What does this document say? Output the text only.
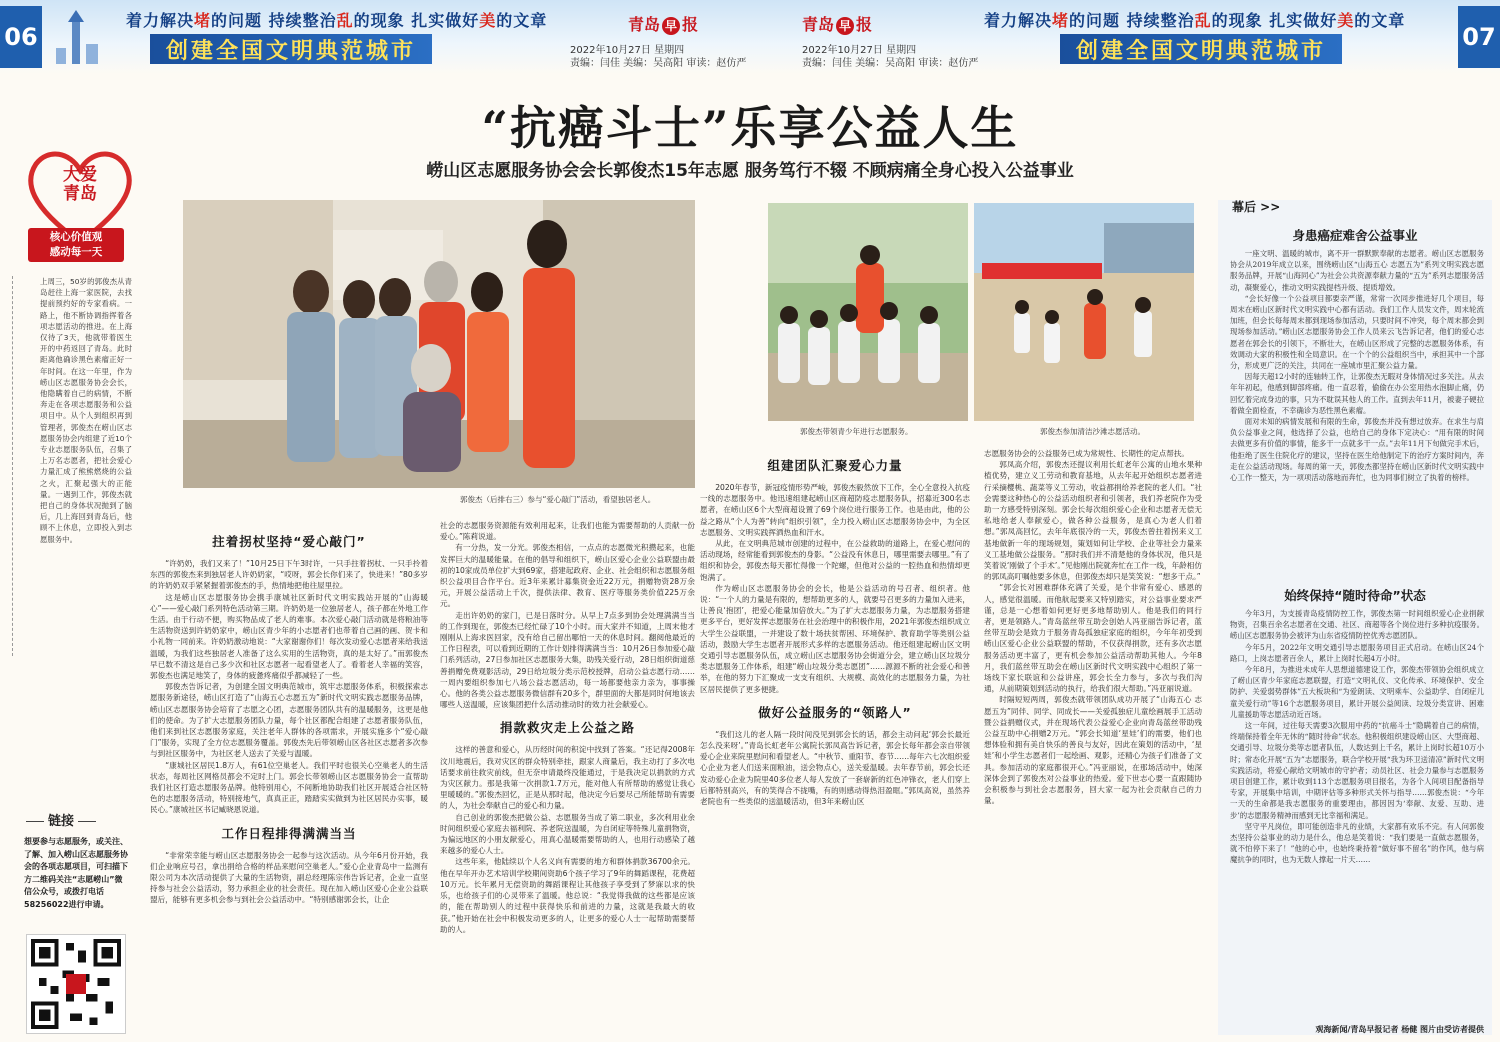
06
着力解决堵的问题 持续整治乱的现象 扎实做好美的文章
创建全国文明典范城市
青岛 早 报
2022年10月27日 星期四
责编：闫佳 美编：吴高阳 审读：赵仿严
青岛 早 报
2022年10月27日 星期四
责编：闫佳 美编：吴高阳 审读：赵仿严
着力解决堵的问题 持续整治乱的现象 扎实做好美的文章
创建全国文明典范城市	07
“抗癌斗士”乐享公益人生
崂山区志愿服务协会会长郭俊杰15年志愿 服务笃行不辍 不顾病痛全身心投入公益事业
大爱
青岛
核心价值观
感动每一天
上周三，50岁的郭俊杰从青岛赶往上海一家医院，去找提前预约好的专家看病。一路上，他不断协调指挥着各项志愿活动的推进。在上海仅待了3天，他就带着医生开的中药返回了青岛。此时距离他确诊黑色素瘤正好一年时间。在这一年里，作为崂山区志愿服务协会会长，他隐瞒着自己的病情，不断奔走在各项志愿服务和公益项目中。从个人到组织再到管理者，郭俊杰在崂山区志愿服务协会内组建了近10个专业志愿服务队伍，召集了上万名志愿者，把社会爱心力量汇成了熊熊燃烧的公益之火，汇聚起强大的正能量。一遇到工作，郭俊杰就把自己的身体状况抛到了脑后，几上海回到青岛后，他顾不上休息，立即投入到志愿服务中。
链接
想要参与志愿服务，或关注、了解、加入崂山区志愿服务协会的各项志愿项目，可扫描下方二维码关注“志愿崂山”微信公众号，或拨打电话58256022进行申请。
郭俊杰（后排右三）参与“爱心敲门”活动，看望独居老人。
郭俊杰带领青少年进行志愿服务。	郭俊杰参加清洁沙滩志愿活动。
拄着拐杖坚持“爱心敲门”

“许奶奶，我们又来了！”10月25日下午3时许，一只手拄着拐杖、一只手拎着东西的郭俊杰来到独居老人许奶奶家，“哎呀，郭会长你们来了，快进来！”80多岁的许奶奶双手紧紧握着郭俊杰的手，热情地把他往屋里拉。

这是崂山区志愿服务协会携手康城社区新时代文明实践站开展的“山海暖心”——爱心敲门系列特色活动第三期。许奶奶是一位独居老人，孩子都在外地工作生活。由于行动不便，购买物品成了老人的难事。本次爱心敲门活动就是将粮油等生活物资送到许奶奶家中，崂山区青少年的小志愿者们也带着自己画的画、贺卡和小礼物一同前来。许奶奶激动地说：“大家谢谢你们！每次发动爱心志愿者来给我送温暖，为我们这些独居老人准备了这么实用的生活物资，真的是太好了。”而郭俊杰早已数不清这是自己多少次和社区志愿者一起看望老人了。看着老人幸福的笑容，郭俊杰也满足地笑了，身体的疲惫疼痛似乎都减轻了一些。

郭俊杰告诉记者，为创建全国文明典范城市，筑牢志愿服务体系，积极探索志愿服务新途径，崂山区打造了“山海五心志愿五为”新时代文明实践志愿服务品牌，崂山区志愿服务协会培育了志愿之心团，志愿服务团队共有的温暖服务，这更是他们的使命。为了扩大志愿服务团队力量，每个社区都配合组建了志愿者服务队伍，他们来到社区志愿服务家庭，关注老年人群体的各项需求，开展实施多个“爱心敲门”服务，实现了全方位志愿服务覆盖。郭俊杰先后带领崂山区各社区志愿者多次参与到社区服务中，为社区老人送去了关爱与温暖。

“康城社区居民1.8万人，有61位空巢老人。我们平时也很关心空巢老人的生活状态，每周社区网格员都会不定时上门。郭会长带领崂山区志愿服务协会一直帮助我们社区打造志愿服务品牌。他特别用心，不间断地协助我们社区开展适合社区特色的志愿服务活动，特别接地气，真真正正，踏踏实实做到为社区居民办实事，暖民心。”康城社区书记臧晓恩说道。

工作日程排得满满当当

“非常荣幸能与崂山区志愿服务协会一起参与这次活动。从今年6月份开始，我们企业响应号召，拿出捐给合格的样品来慰问空巢老人。”爱心企业青岛中一监测有限公司为本次活动提供了大量的生活物资，副总经理陈宗伟告诉记者，企业一直坚持参与社会公益活动，努力承担企业的社会责任。现在加入崂山区爱心企业公益联盟后，能够有更多机会参与到社会公益活动中。“特别感谢郭会长，让企

社会的志愿服务资源能有效利用起来，让我们也能为需要帮助的人贡献一份爱心。”陈莉说道。

有一分热，发一分光。郭俊杰相信，一点点的志愿微光积攒起来，也能发挥巨大的温暖能量。在他的倡导和组织下，崂山区爱心企业公益联盟由最初的10家成员单位扩大到69家，搭建起政府、企业、社会组织和志愿服务组织公益项目合作平台。近3年来累计募集资金近22万元，捐赠物资28万余元，开展公益活动上千次，提供法律、教育、医疗等服务类价值225万余元。

走出许奶奶的家门，已是日落时分。从早上7点多到协会处理满满当当的工作到现在，郭俊杰已经忙碌了10个小时。而大家并不知道，上周末他才刚刚从上海求医回家，没有给自己留出哪怕一天的休息时间。翻阅他最近的工作日程表，可以看到近期的工作计划排得满满当当：10月26日参加爱心敲门系列活动，27日参加社区志愿服务大集，助残关爱行动，28日组织街道慈善捐赠免费观影活动，29日给垃圾分类示范校授牌，启动公益志愿行动……一周内要组织参加七八场公益志愿活动，每一场都要他亲力亲为，事事操心。他的各类公益志愿服务微信群有20多个，群里面的大都是同时何地该去哪些人送温暖，应该集团把什么活动推动时的效力社会献爱心。

捐款救灾走上公益之路

这样的善意和爱心，从历经时间的积淀中找到了答案。“还记得2008年汶川地震后，我对灾区的群众特别牵挂，跟家人商量后，我主动打了多次电话要求前往救灾前线，但无奈申请最终没能通过，于是我决定以捐款的方式为灾区献力。那是我第一次捐款1.7万元，能对他人有所帮助的感觉让我心里暖暖的。”郭俊杰回忆，正是从那时起，他决定今后要尽己所能帮助有需要的人，为社会奉献自己的爱心和力量。

自己创业的郭俊杰把做公益、志愿服务当成了第二职业，多次利用业余时间组织爱心家庭去福利院、养老院送温暖，为自闭症等特殊儿童捐物资，为偏远地区的小朋友献爱心，用真心温暖需要帮助的人，也用行动感染了越来越多的爱心人士。

这些年来，他陆续以个人名义向有需要的地方和群体捐款36700余元。他在早年开办艺术培训学校期间资助6个孩子学习了9年的舞蹈课程，花费超10万元。长年累月无偿资助的舞蹈课程让其他孩子享受到了梦寐以求的快乐，也给孩子们的心灵带来了温暖。他总说：“我觉得我做的这些都是应该的，能在帮助别人的过程中获得快乐和前进的力量，这就是我最大的收获。”他开始在社会中积极发动更多的人，让更多的爱心人士一起帮助需要帮助的人。

组建团队汇聚爱心力量

2020年春节，新冠疫情形势严峻，郭俊杰毅然放下工作，全心全意投入抗疫一线的志愿服务中。他迅速组建起崂山区商超防疫志愿服务队，招募近300名志愿者，在崂山区6个大型商超设置了69个岗位进行服务工作。也是由此，他的公益之路从“个人为善”转向“组织引领”，全力投入崂山区志愿服务协会中，为全区志愿服务、文明实践挥洒热血和汗水。

从此，在文明典范城市创建的过程中，在公益救助的道路上，在爱心慰问的活动现场，经常能看到郭俊杰的身影。“公益没有休息日，哪里需要去哪里。”有了组织和协会，郭俊杰每天都忙得像一个陀螺，但他对公益的一腔热血和热情却更饱满了。

作为崂山区志愿服务协会的会长，他是公益活动的号召者、组织者。他说：“一个人的力量是有限的，想帮助更多的人，就要号召更多的力量加入进来，让善良‘抱团’，把爱心能量加倍放大。”为了扩大志愿服务力量，为志愿服务搭建更多平台，更好发挥志愿服务在社会治理中的积极作用，2021年郭俊杰组织成立大学生公益联盟，一并建设了数十场扶贫帮困、环境保护、教育助学等类别公益活动，鼓励大学生志愿者开展形式多样的志愿服务活动。他还组建起崂山区文明交通引导志愿服务队伍，成立崂山区志愿服务协会街道分会，建立崂山区垃圾分类志愿服务工作体系，组建“崂山垃圾分类志愿团”……源源不断的社会爱心和善举，在他的努力下汇聚成一支支有组织、大规模、高效化的志愿服务力量，为社区居民提供了更多便捷。

做好公益服务的“领路人”

“我们这儿的老人隔一段时间没见到郭会长的话，都会主动问起‘郭会长最近怎么没来呀’。”青岛长虹老年公寓院长郭凤高告诉记者，郭会长每年都会亲自带领爱心企业来院里慰问和看望老人。“中秋节、重阳节、春节……每年六七次组织爱心企业为老人们送来面粮油，送会物点心，送关爱温暖。去年春节前，郭会长还发动爱心企业为院里40多位老人每人发放了一套崭新的红色冲锋衣，老人们穿上后都特别高兴，有的笑得合不拢嘴，有的则感动得热泪盈眶。”郭凤高说，虽然养老院也有一些类似的送温暖活动，但3年来崂山区

志愿服务协会的公益服务已成为常规性、长期性的定点帮扶。

郭凤高介绍，郭俊杰还提议利用长虹老年公寓的山地水果种植优势，建立义工劳动和教育基地，从去年起开始组织志愿者进行采摘樱桃、蔬菜等义工劳动，收益都捐给养老院的老人们。“社会需要这种热心的公益活动组织者和引领者，我们养老院作为受助一方感受特别深刻。郭会长每次组织爱心企业和志愿者无偿无私地给老人奉献爱心，做各种公益服务，是真心为老人们着想。”郭凤高回忆，去年年底很冷的一天，郭俊杰曾拄着拐来义工基地做新一年的现场规划，策划如何让学校、企业等社会力量来义工基地做公益服务。“那时我们并不清楚他的身体状况，他只是笑着说‘刚做了个手术’。”见他刚出院就奔忙在工作一线，年龄相仿的郭凤高叮嘱他要多休息，但郭俊杰却只是笑笑说：“想多干点。”

“郭会长对困难群体充满了关爱，是个非常有爱心、感恩的人，感觉很温暖。而他航起要来又特别踏实，对公益事业要求严谨，总是一心想着如何更好更多地帮助别人。他是我们的同行者，更是领路人。”青岛蓝丝带互助会创始人冯亚丽告诉记者，蓝丝带互助会是致力于服务青岛孤独症家庭的组织，今年年初受到崂山区爱心企业公益联盟的帮助，不仅获得捐款，还有多次志愿服务活动更丰富了，更有机会参加公益活动帮助其他人。今年8月，我们蓝丝带互助会在崂山区新时代文明实践中心组织了第一场线下家长联谊和公益讲座，郭会长全力参与，多次与我们沟通，从前期策划到活动的执行，给我们很大帮助。”冯亚丽说道。

时隔短短两周，郭俊杰就带领团队成功开展了“山海五心 志愿五为”同伴、同学、同成长——关爱孤独症儿童绘画展手工活动暨公益捐赠仪式，并在现场代表公益爱心企业向青岛蓝丝带助残公益互助中心捐赠2万元。“郭会长知道‘星娃’们的需要，他们也想体验和拥有美自快乐的善良与友好，因此在策划的活动中，‘星娃’和小学生志愿者们一起绘画、观影，还精心为孩子们准备了文具。参加活动的家庭都很开心。”冯亚丽说，在那场活动中，她深深体会到了郭俊杰对公益事业的热爱。爱下世志心要一直跟随协会积极参与到社会志愿服务，回大家一起为社会贡献自己的力量。

幕后 >>
身患癌症难舍公益事业

一座文明、温暖的城市，离不开一群默默奉献的志愿者。崂山区志愿服务协会从2019年成立以来，围绕崂山区“山海五心 志愿五为”系列文明实践志愿服务品牌，开展“山海同心”为社会公共资源奉献力量的“五为”系列志愿服务活动，凝聚爱心，推动文明实践提档升级、提质增效。

“会长好像一个公益项目都要亲严谨，常常一次同步推进好几个项目，每周末在崂山区新时代文明实践中心都有活动。我们工作人员发文件，周末轮流加班，但会长每每周末都到现场参加活动，只要时间不冲突，每个周末都会到现场参加活动。”崂山区志愿服务协会工作人员来云飞告诉记者，他们的爱心志愿者在郭会长的引领下，不断壮大，在崂山区形成了完整的志愿服务体系，有效调动大家的积极性和全局意识。在一个个的公益组织当中，承担其中一个部分，形成更广泛的关注，共同在一座城市里汇聚公益力量。

因每天超12小时的连轴转工作，让郭俊杰无暇对身体情况过多关注。从去年年初起，他感到脚部疼痛。他一直忍着，偷偷在办公室用热水泡脚止痛，仍回忆着完成身边的事，只为不耽误其他人的工作。直到去年11月，被妻子硬拉着做全面检查，不幸确诊为恶性黑色素瘤。

面对未知的病情发展和有限的生命，郭俊杰并没有想过放弃。在求生与肩负公益事业之间，他选择了公益，也给自己的身体下定决心：“用有限的时间去做更多有价值的事情，能多干一点就多干一点。”去年11月下旬做完手术后，他拒绝了医生住院化疗的建议，坚持在医生给他制定下的治疗方案时间内，奔走在公益活动现场。每周的第一天，郭俊杰都坚持在崂山区新时代文明实践中心工作一整天，为一项项活动落地而奔忙，也为同事们树立了执着的榜样。

始终保持“随时待命”状态

今年3月，为支援青岛疫情防控工作，郭俊杰第一时间组织爱心企业捐献物资，召集百余名志愿者在交通、社区、商超等各个岗位进行多种抗疫服务。崂山区志愿服务协会被评为山东省疫情防控优秀志愿团队。

今年5月，2022年文明交通引导志愿服务项目正式启动。在崂山区24个路口，上岗志愿者百余人，累计上岗时长超4万小时。

今年8月，为推进未成年人思想道德建设工作，郭俊杰带领协会组织成立了崂山区青少年家庭志愿联盟，打造“文明礼仪、文化传承、环境保护、安全防护、关爱弱势群体”五大板块和“为爱朗读、文明乘车、公益助学、自闭症儿童关爱行动”等16个志愿服务项目，累计开展公益阅读、垃圾分类宣讲、困难儿童援助等志愿活动近百场。

这一年间，过往每天需要3次服用中药的“抗癌斗士”隐瞒着自己的病情，终端保持着全年无休的“随时待命”状态。他积极组织建设崂山区、大型商超、交通引导、垃圾分类等志愿者队伍，人数达到上千名，累计上岗时长超10万小时；常态化开展“五为”志愿服务，联合学校开展“我为环卫送清凉”新时代文明实践活动，将爱心献给文明城市的守护者；动员社区、社会力量参与志愿服务项目创建工作，累计收到113个志愿服务项目报名，为各个人间项目配备指导专家，开展集中培训，中期评估等多种形式关怀与指导……郭俊杰说：“今年一天的生命都是我志愿服务的重要理由，都因因为‘奉献、友爱、互助、进步’的志愿服务精神而感到无比幸福和满足。

坚守平凡岗位，即可能创造非凡的业绩，大家都有欢乐不完。有人问郭俊杰坚持公益事业的动力是什么，他总是笑着说：“我们要是一直做志愿服务，就不怕停下来了！”他的心中，也始终秉持着“做好事不留名”的作风，他与病魔抗争的同时，也为无数人撑起一片天……

观海新闻/青岛早报记者 杨健 图片由受访者提供
